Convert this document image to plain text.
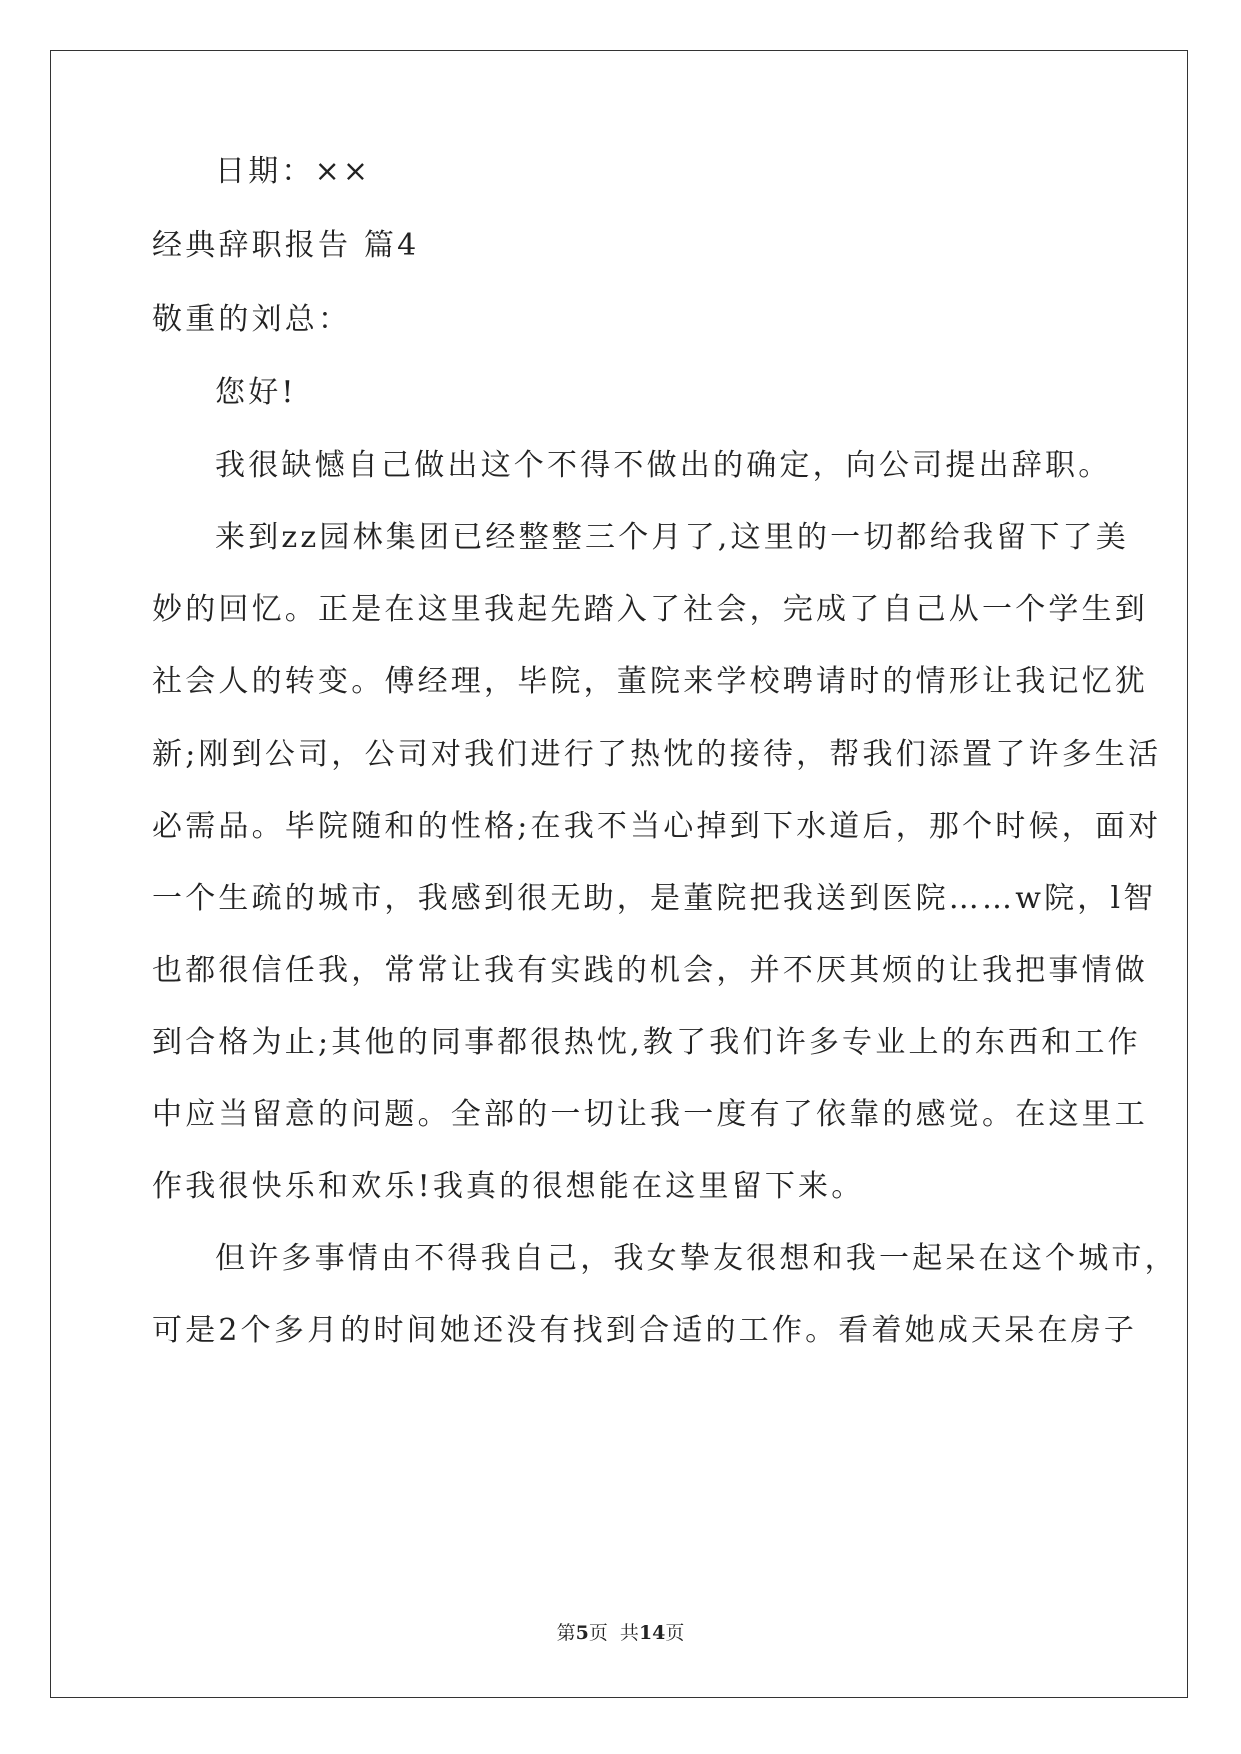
日期：××
经典辞职报告 篇4
敬重的刘总：
您好!
我很缺憾自己做出这个不得不做出的确定，向公司提出辞职。
来到zz园林集团已经整整三个月了,这里的一切都给我留下了美
妙的回忆。正是在这里我起先踏入了社会，完成了自己从一个学生到
社会人的转变。傅经理，毕院，董院来学校聘请时的情形让我记忆犹
新;刚到公司，公司对我们进行了热忱的接待，帮我们添置了许多生活
必需品。毕院随和的性格;在我不当心掉到下水道后，那个时候，面对
一个生疏的城市，我感到很无助，是董院把我送到医院……w院，l智
也都很信任我，常常让我有实践的机会，并不厌其烦的让我把事情做
到合格为止;其他的同事都很热忱,教了我们许多专业上的东西和工作
中应当留意的问题。全部的一切让我一度有了依靠的感觉。在这里工
作我很快乐和欢乐!我真的很想能在这里留下来。
但许多事情由不得我自己，我女挚友很想和我一起呆在这个城市，
可是2个多月的时间她还没有找到合适的工作。看着她成天呆在房子
第5页  共14页
